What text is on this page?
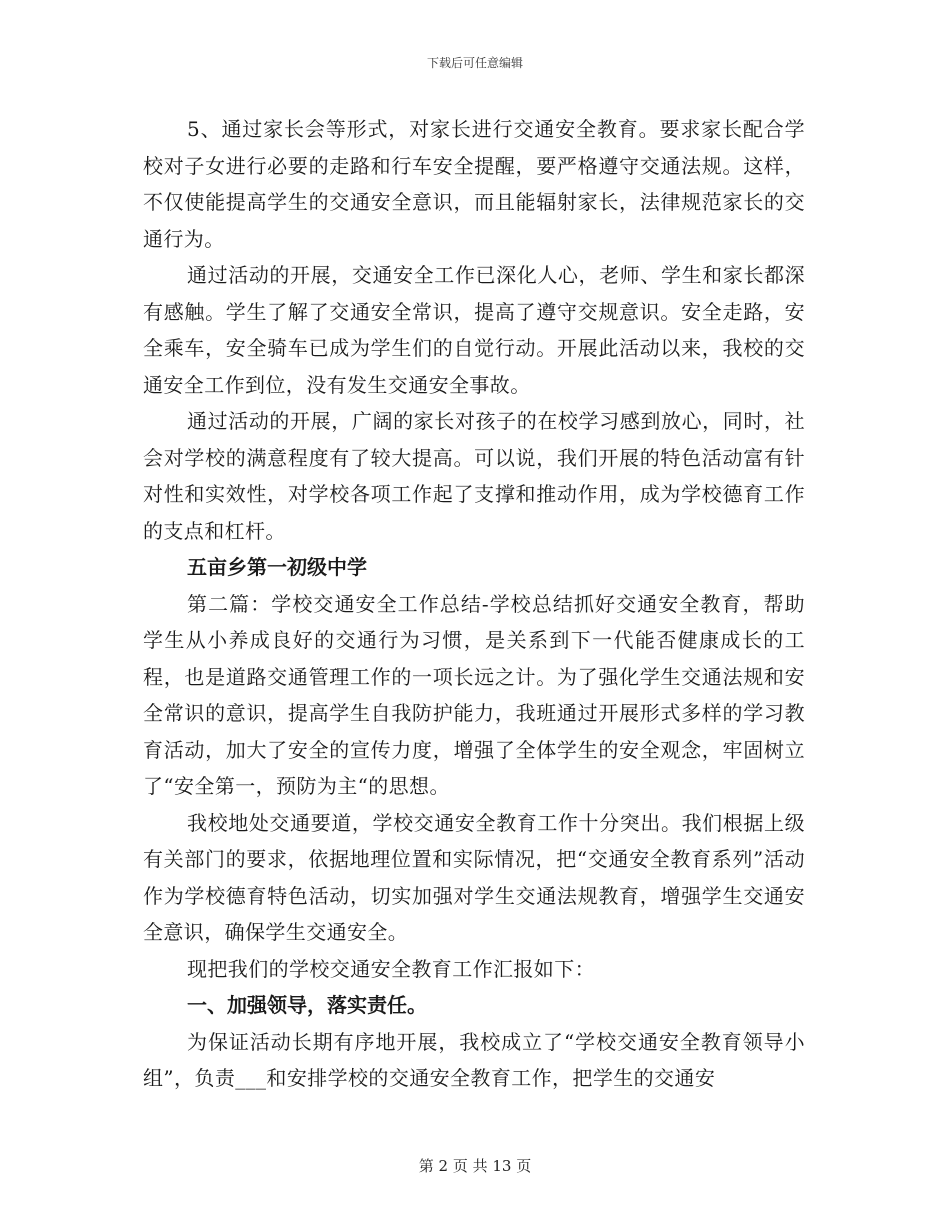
下载后可任意编辑

5、通过家长会等形式，对家长进行交通安全教育。要求家长配合学校对子女进行必要的走路和行车安全提醒，要严格遵守交通法规。这样，不仅使能提高学生的交通安全意识，而且能辐射家长，法律规范家长的交通行为。

通过活动的开展，交通安全工作已深化人心，老师、学生和家长都深有感触。学生了解了交通安全常识，提高了遵守交规意识。安全走路，安全乘车，安全骑车已成为学生们的自觉行动。开展此活动以来，我校的交通安全工作到位，没有发生交通安全事故。

通过活动的开展，广阔的家长对孩子的在校学习感到放心，同时，社会对学校的满意程度有了较大提高。可以说，我们开展的特色活动富有针对性和实效性，对学校各项工作起了支撑和推动作用，成为学校德育工作的支点和杠杆。

五亩乡第一初级中学

第二篇：学校交通安全工作总结-学校总结抓好交通安全教育，帮助学生从小养成良好的交通行为习惯，是关系到下一代能否健康成长的工程，也是道路交通管理工作的一项长远之计。为了强化学生交通法规和安全常识的意识，提高学生自我防护能力，我班通过开展形式多样的学习教育活动，加大了安全的宣传力度，增强了全体学生的安全观念，牢固树立了“安全第一，预防为主“的思想。

我校地处交通要道，学校交通安全教育工作十分突出。我们根据上级有关部门的要求，依据地理位置和实际情况，把“交通安全教育系列”活动作为学校德育特色活动，切实加强对学生交通法规教育，增强学生交通安全意识，确保学生交通安全。

现把我们的学校交通安全教育工作汇报如下：

一、加强领导，落实责任。

为保证活动长期有序地开展，我校成立了“学校交通安全教育领导小组”，负责___和安排学校的交通安全教育工作，把学生的交通安

第 2 页 共 13 页
